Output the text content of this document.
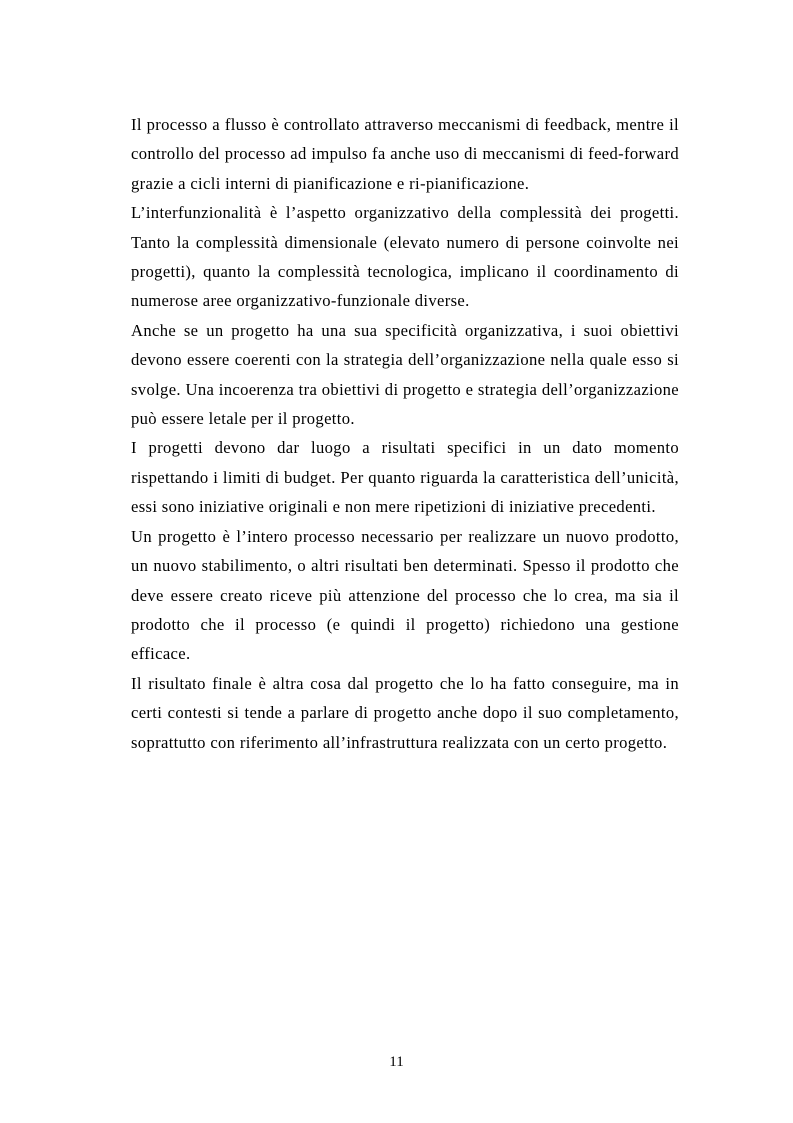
Il processo a flusso è controllato attraverso meccanismi di feedback, mentre il controllo del processo ad impulso fa anche uso di meccanismi di feed-forward grazie a cicli interni di pianificazione e ri-pianificazione.

L’interfunzionalità è l’aspetto organizzativo della complessità dei progetti. Tanto la complessità dimensionale (elevato numero di persone coinvolte nei progetti), quanto la complessità tecnologica, implicano il coordinamento di numerose aree organizzativo-funzionale diverse.

Anche se un progetto ha una sua specificità organizzativa, i suoi obiettivi devono essere coerenti con la strategia dell’organizzazione nella quale esso si svolge. Una incoerenza tra obiettivi di progetto e strategia dell’organizzazione può essere letale per il progetto.

I progetti devono dar luogo a risultati specifici in un dato momento rispettando i limiti di budget. Per quanto riguarda la caratteristica dell’unicità, essi sono iniziative originali e non mere ripetizioni di iniziative precedenti.

Un progetto è l’intero processo necessario per realizzare un nuovo prodotto, un nuovo stabilimento, o altri risultati ben determinati. Spesso il prodotto che deve essere creato riceve più attenzione del processo che lo crea, ma sia il prodotto che il processo (e quindi il progetto) richiedono una gestione efficace.

Il risultato finale è altra cosa dal progetto che lo ha fatto conseguire, ma in certi contesti si tende a parlare di progetto anche dopo il suo completamento, soprattutto con riferimento all’infrastruttura realizzata con un certo progetto.

11
